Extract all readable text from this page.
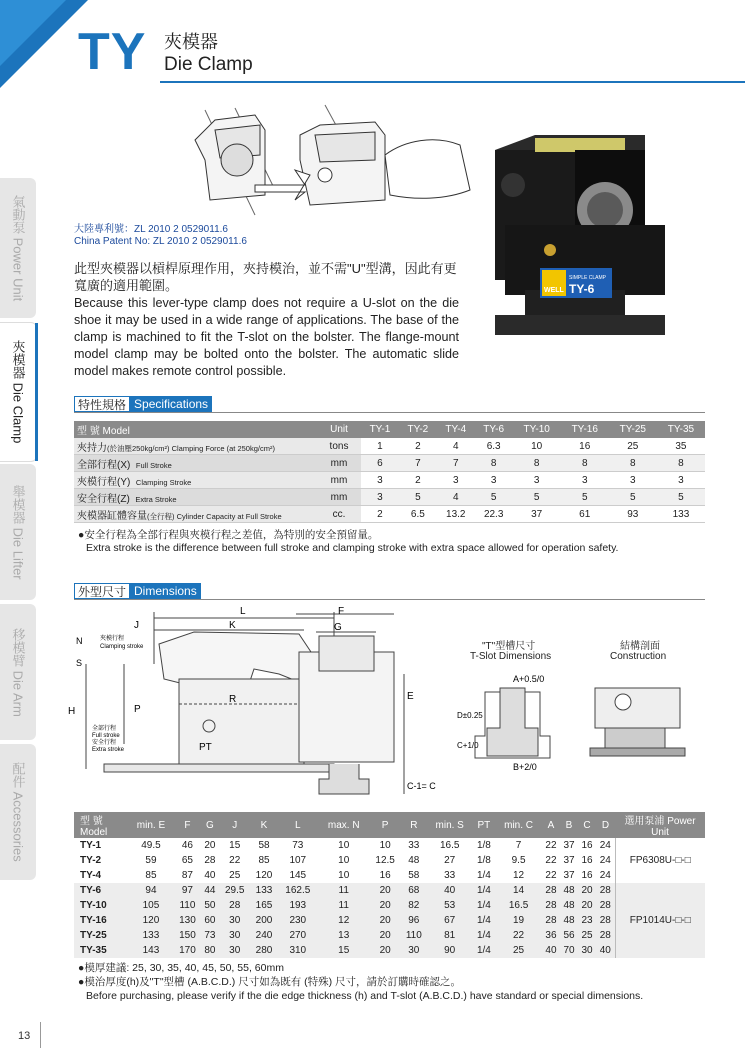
TY 夾模器
Die Clamp
氣動泵 Power Unit
夾模器 Die Clamp
舉模器 Die Lifter
移模臂 Die Arm
配件 Accessories
大陸專利號：ZL 2010 2 0529011.6
China Patent No: ZL 2010 2 0529011.6
WELL
SIMPLE CLAMP
TY-6
此型夾模器以槓桿原理作用，夾持模治，並不需"U"型溝，因此有更寬廣的適用範圍。
Because this lever-type clamp does not require a U-slot on the die shoe it may be used in a wide range of applications. The base of the clamp is machined to fit the T-slot on the bolster. The flange-mount model clamp may be bolted onto the bolster. The automatic slide model makes remote control possible.
特性規格 Specifications
型 號 Model	Unit	TY-1	TY-2	TY-4	TY-6	TY-10	TY-16	TY-25	TY-35
夾持力(於油壓250kg/cm²) Clamping Force (at 250kg/cm²)	tons	1	2	4	6.3	10	16	25	35
全部行程(X) Full Stroke	mm	6	7	7	8	8	8	8	8
夾模行程(Y) Clamping Stroke	mm	3	2	3	3	3	3	3	3
安全行程(Z) Extra Stroke	mm	3	5	4	5	5	5	5	5
夾模器缸體容量(全行程) Cylinder Capacity at Full Stroke	cc.	2	6.5	13.2	22.3	37	61	93	133
●安全行程為全部行程與夾模行程之差值，為特別的安全預留量。
Extra stroke is the difference between full stroke and clamping stroke with extra space allowed for operation safety.
外型尺寸 Dimensions
L
K
J
R
P
PT
H
N
S
F
G
E
C-1= C
夾模行程
Clamping stroke
全部行程
Full stroke
安全行程
Extra stroke
"T"型槽尺寸
T-Slot Dimensions
結構剖面
Construction
A+0.5/0
B+2/0
D±0.25
C+1/0
型 號 Model	min. E	F	G	J	K	L	max. N	P	R	min. S	PT	min. C	A	B	C	D	選用泵浦 Power Unit
TY-1	49.5	46	20	15	58	73	10	10	33	16.5	1/8	7	22	37	16	24	FP6308U-□-□
TY-2	59	65	28	22	85	107	10	12.5	48	27	1/8	9.5	22	37	16	24	
TY-4	85	87	40	25	120	145	10	16	58	33	1/4	12	22	37	16	24	
TY-6	94	97	44	29.5	133	162.5	11	20	68	40	1/4	14	28	48	20	28	FP1014U-□-□
TY-10	105	110	50	28	165	193	11	20	82	53	1/4	16.5	28	48	20	28	
TY-16	120	130	60	30	200	230	12	20	96	67	1/4	19	28	48	23	28	
TY-25	133	150	73	30	240	270	13	20	110	81	1/4	22	36	56	25	28	
TY-35	143	170	80	30	280	310	15	20	30	90	1/4	25	40	70	30	40	
●模厚建議: 25, 30, 35, 40, 45, 50, 55, 60mm
●模治厚度(h)及"T"型槽 (A.B.C.D.) 尺寸如為既有 (特殊) 尺寸，請於訂購時確認之。
Before purchasing, please verify if the die edge thickness (h) and T-slot (A.B.C.D.) have standard or special dimensions.
13
